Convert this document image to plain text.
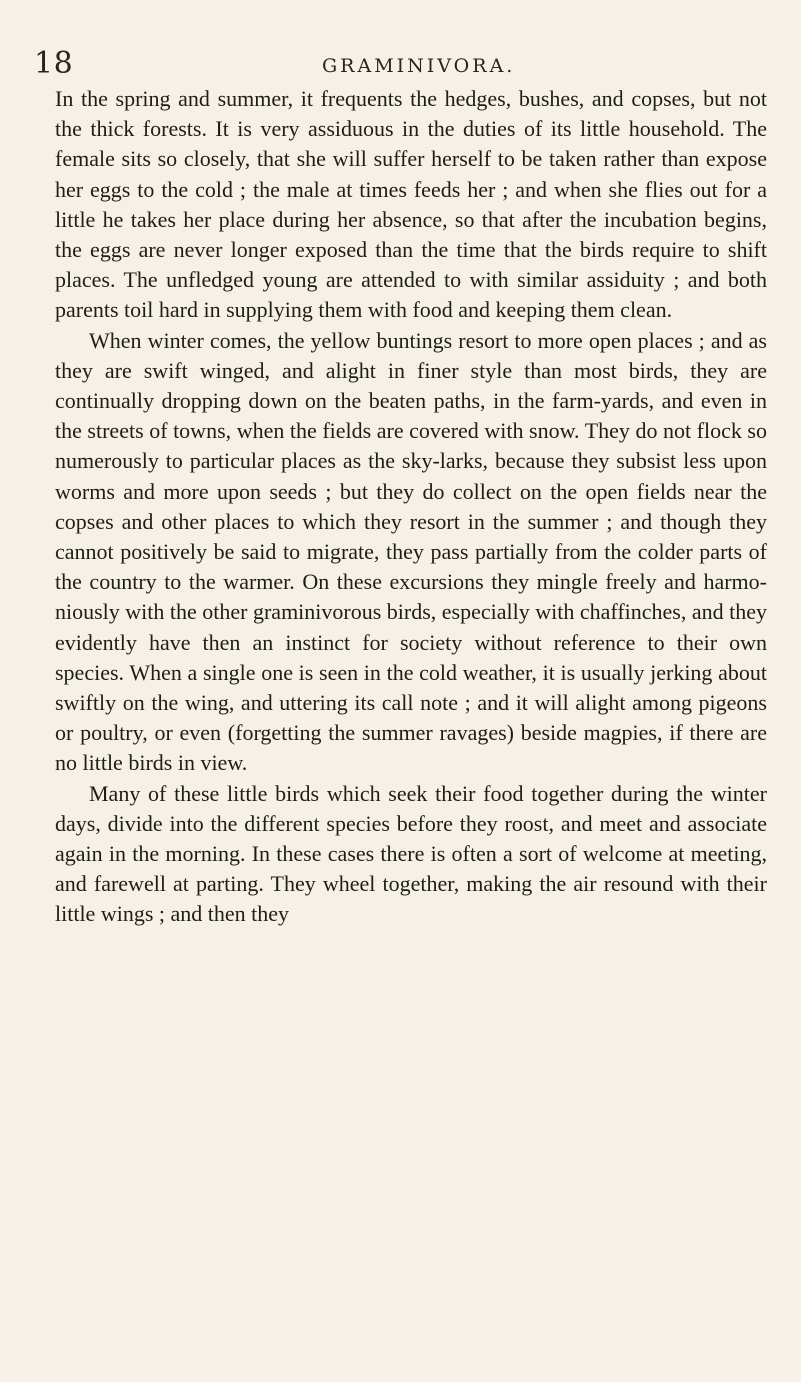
18	GRAMINIVORA.

In the spring and summer, it frequents the hedges, bushes, and copses, but not the thick forests. It is very assiduous in the duties of its little household. The female sits so closely, that she will suffer herself to be taken rather than expose her eggs to the cold ; the male at times feeds her ; and when she flies out for a little he takes her place during her absence, so that after the incubation begins, the eggs are never longer exposed than the time that the birds require to shift places. The unfledged young are attended to with similar assiduity ; and both parents toil hard in supplying them with food and keeping them clean.

When winter comes, the yellow buntings resort to more open places ; and as they are swift winged, and alight in finer style than most birds, they are continually dropping down on the beaten paths, in the farm-yards, and even in the streets of towns, when the fields are covered with snow. They do not flock so numerously to particular places as the sky-larks, because they subsist less upon worms and more upon seeds ; but they do collect on the open fields near the copses and other places to which they resort in the summer ; and though they cannot positively be said to migrate, they pass partially from the colder parts of the country to the warmer. On these excursions they mingle freely and harmo- niously with the other graminivorous birds, especially with chaffinches, and they evidently have then an instinct for society without reference to their own species. When a single one is seen in the cold weather, it is usually jerking about swiftly on the wing, and uttering its call note ; and it will alight among pigeons or poultry, or even (forgetting the summer ravages) beside magpies, if there are no little birds in view.

Many of these little birds which seek their food together during the winter days, divide into the different species before they roost, and meet and associate again in the morning. In these cases there is often a sort of welcome at meeting, and farewell at parting. They wheel together, making the air resound with their little wings ; and then they
